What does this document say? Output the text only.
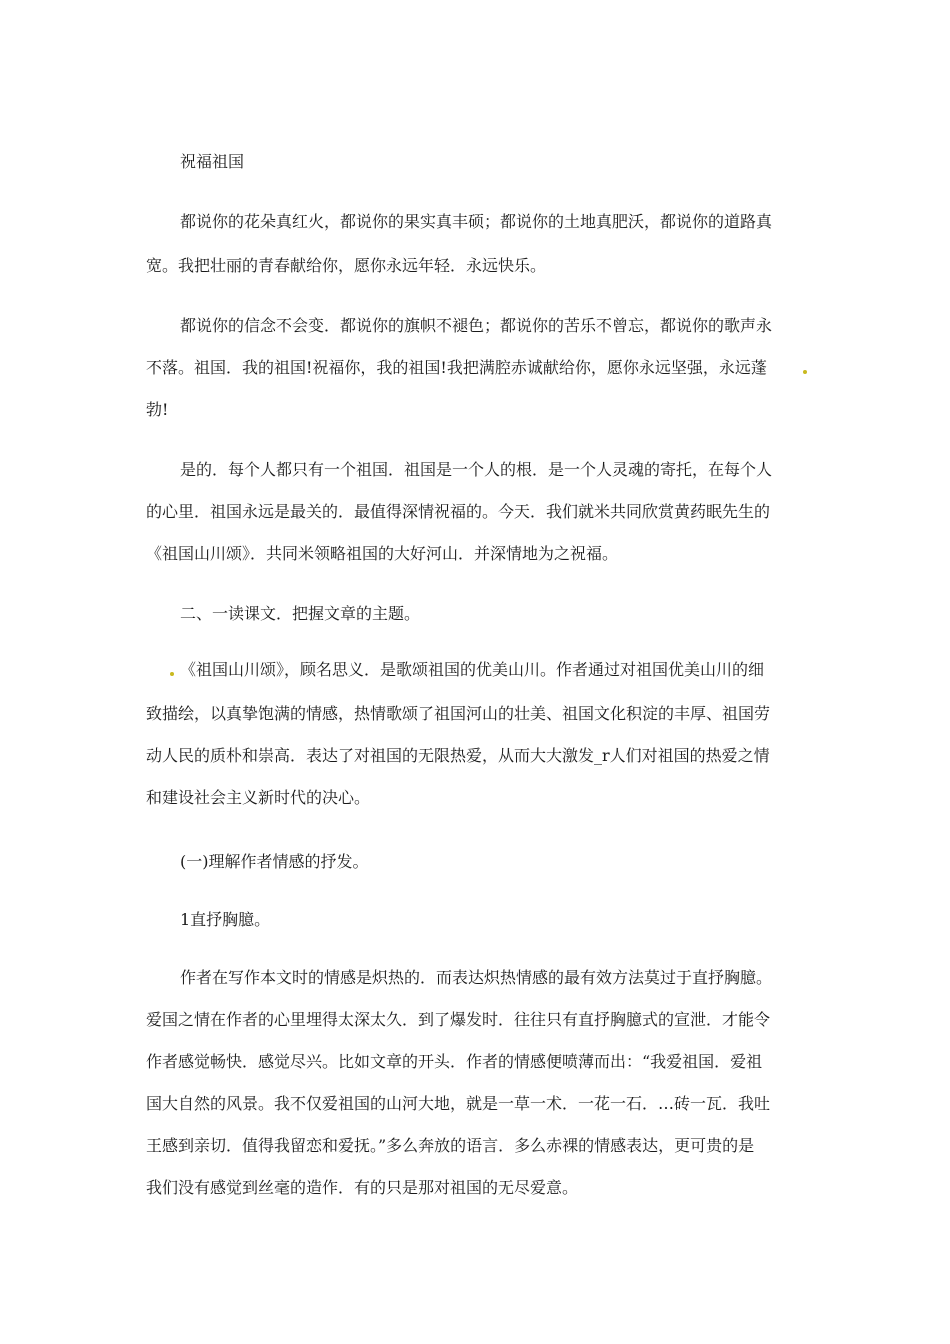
祝福祖国
都说你的花朵真红火，都说你的果实真丰硕；都说你的土地真肥沃，都说你的道路真
宽。我把壮丽的青春献给你，愿你永远年轻．永远快乐。
都说你的信念不会变．都说你的旗帜不褪色；都说你的苦乐不曾忘，都说你的歌声永
不落。祖国．我的祖国!祝福你，我的祖国!我把满腔赤诚献给你，愿你永远坚强，永远蓬
勃!
是的．每个人都只有一个祖国．祖国是一个人的根．是一个人灵魂的寄托，在每个人
的心里．祖国永远是最关的．最值得深情祝福的。今天．我们就米共同欣赏黄药眠先生的
《祖国山川颂》．共同米领略祖国的大好河山．并深情地为之祝福。
二、一读课文．把握文章的主题。
《祖国山川颂》，顾名思义．是歌颂祖国的优美山川。作者通过对祖国优美山川的细
致描绘，以真挚饱满的情感，热情歌颂了祖国河山的壮美、祖国文化积淀的丰厚、祖国劳
动人民的质朴和崇高．表达了对祖国的无限热爱，从而大大激发_r人们对祖国的热爱之情
和建设社会主义新时代的决心。
(一)理解作者情感的抒发。
1直抒胸臆。
作者在写作本文时的情感是炽热的．而表达炽热情感的最有效方法莫过于直抒胸臆。
爱国之情在作者的心里埋得太深太久．到了爆发时．往往只有直抒胸臆式的宣泄．才能令
作者感觉畅快．感觉尽兴。比如文章的开头．作者的情感便喷薄而出：“我爱祖国．爱祖
国大自然的风景。我不仅爱祖国的山河大地，就是一草一术．一花一石．…砖一瓦．我吐
王感到亲切．值得我留恋和爱抚。”多么奔放的语言．多么赤裸的情感表达，更可贵的是
我们没有感觉到丝毫的造作．有的只是那对祖国的无尽爱意。
